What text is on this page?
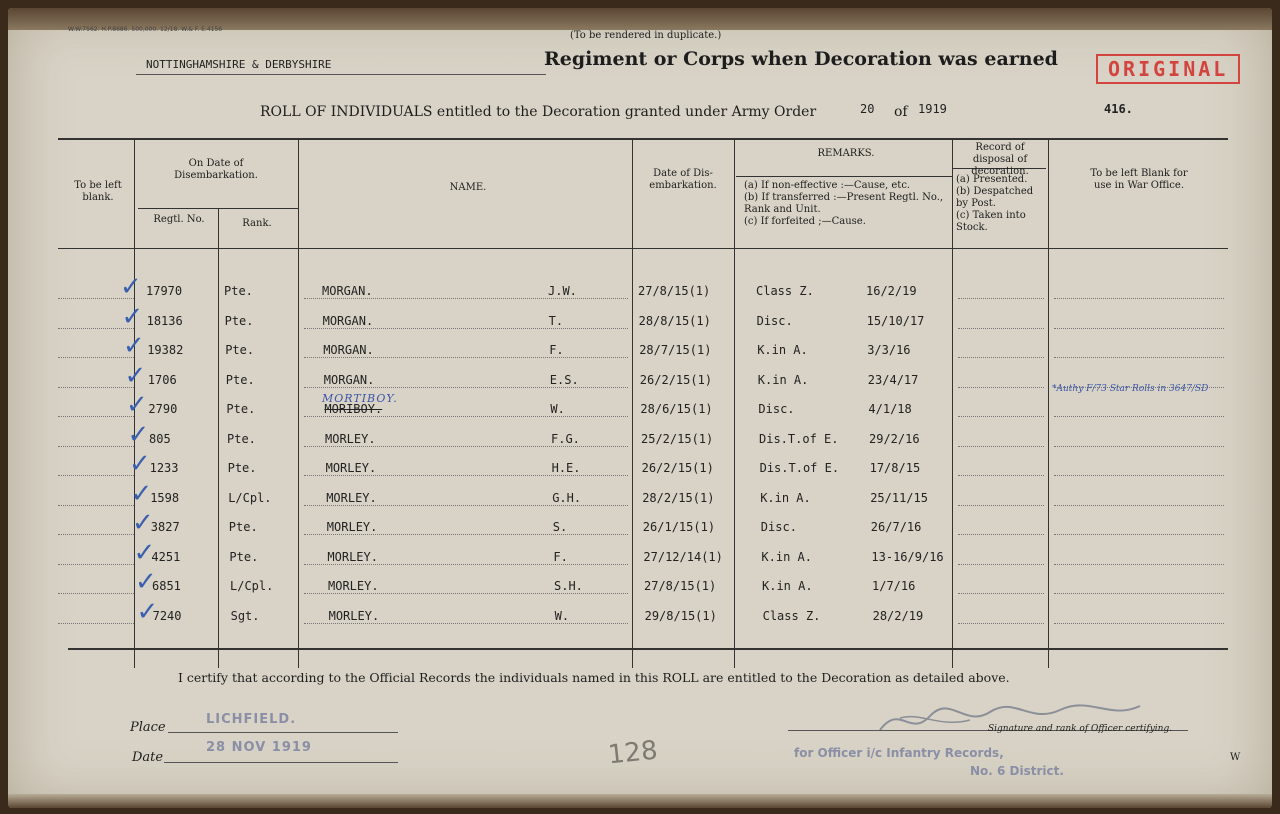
W.W.7562. H.P.8686. 500,000. 12/18. W.& F. E.4156
(To be rendered in duplicate.)
NOTTINGHAMSHIRE & DERBYSHIRE	Regiment or Corps when Decoration was earned	ORIGINAL
ROLL OF INDIVIDUALS entitled to the Decoration granted under Army Order	20 of 1919	416.
To be left blank.
On Date of Disembarkation.
Regtl. No.	Rank.
NAME.
Date of Dis-embarkation.
REMARKS.
(a) If non-effective :—Cause, etc.
(b) If transferred :—Present Regtl. No., Rank and Unit.
(c) If forfeited ;—Cause.
Record of disposal of decoration.
(a) Presented.
(b) Despatched by Post.
(c) Taken into Stock.
To be left Blank for use in War Office.
✓ 17970	Pte.	MORGAN.	J.W.	27/8/15(1)	Class Z.	16/2/19
✓ 18136	Pte.	MORGAN.	T.	28/8/15(1)	Disc.	15/10/17
✓ 19382	Pte.	MORGAN.	F.	28/7/15(1)	K.in A.	3/3/16
✓ 1706	Pte.	MORGAN.	E.S.	26/2/15(1)	K.in A.	23/4/17
✓ 2790	Pte.	MORIBOY.	W.	28/6/15(1)	Disc.	4/1/18
✓ 805	Pte.	MORLEY.	F.G.	25/2/15(1)	Dis.T.of E.	29/2/16
✓
1233	Pte.	MORLEY.	H.E.	26/2/15(1)	Dis.T.of E.	17/8/15
✓
1598	L/Cpl.	MORLEY.	G.H.	28/2/15(1)	K.in A.	25/11/15
✓
3827	Pte.	MORLEY.	S.	26/1/15(1)	Disc.	26/7/16
✓
4251	Pte.	MORLEY.	F.	27/12/14(1)	K.in A.	13-16/9/16
✓
6851	L/Cpl.	MORLEY.	S.H.	27/8/15(1)	K.in A.	1/7/16
✓
7240	Sgt.	MORLEY.	W.	29/8/15(1)	Class Z.	28/2/19
MORTIBOY.
*Authy F/73 Star Rolls in 3647/SD
I certify that according to the Official Records the individuals named in this ROLL are entitled to the Decoration as detailed above.
Place
LICHFIELD.
Date
28 NOV 1919	128
Signature and rank of Officer certifying.
for Officer i/c Infantry Records,
No. 6 District.
W
